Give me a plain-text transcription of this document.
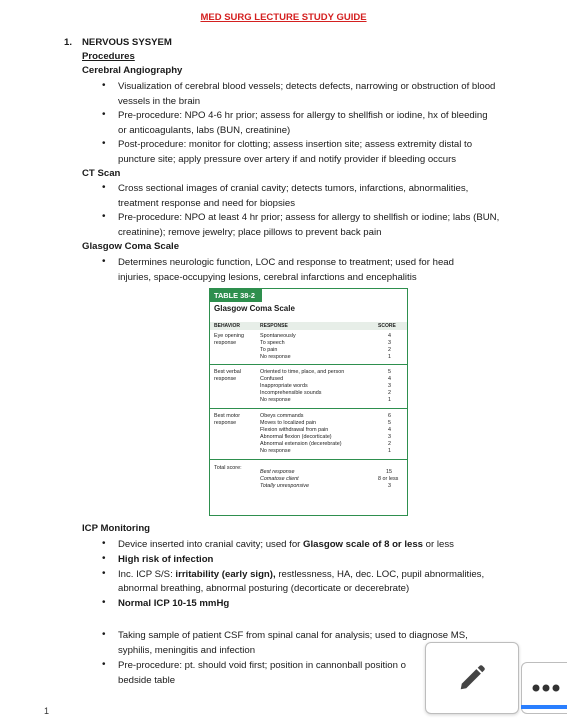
MED SURG LECTURE STUDY GUIDE
1. NERVOUS SYSYEM
Procedures
Cerebral Angiography
• Visualization of cerebral blood vessels; detects defects, narrowing or obstruction of blood vessels in the brain
• Pre-procedure: NPO 4-6 hr prior; assess for allergy to shellfish or iodine, hx of bleeding or anticoagulants, labs (BUN, creatinine)
• Post-procedure: monitor for clotting; assess insertion site; assess extremity distal to puncture site; apply pressure over artery if and notify provider if bleeding occurs
CT Scan
• Cross sectional images of cranial cavity; detects tumors, infarctions, abnormalities, treatment response and need for biopsies
• Pre-procedure: NPO at least 4 hr prior; assess for allergy to shellfish or iodine; labs (BUN, creatinine); remove jewelry; place pillows to prevent back pain
Glasgow Coma Scale
• Determines neurologic function, LOC and response to treatment; used for head injuries, space-occupying lesions, cerebral infarctions and encephalitis
TABLE 38-2
Glasgow Coma Scale
BEHAVIOR	RESPONSE	SCORE
Eye opening
response
Spontaneously
To speech
To pain
No response
4
3
2
1
Best verbal
response
Oriented to time, place, and person
Confused
Inappropriate words
Incomprehensible sounds
No response
5
4
3
2
1
Best motor
response
Obeys commands
Moves to localized pain
Flexion withdrawal from pain
Abnormal flexion (decorticate)
Abnormal extension (decerebrate)
No response
6
5
4
3
2
1
Total score:
Best response
Comatose client
Totally unresponsive
15
8 or less
3
ICP Monitoring
• Device inserted into cranial cavity; used for Glasgow scale of 8 or less or less
• High risk of infection
• Inc. ICP S/S: irritability (early sign), restlessness, HA, dec. LOC, pupil abnormalities,
abnormal breathing, abnormal posturing (decorticate or decerebrate)
• Normal ICP 10-15 mmHg
• Taking sample of patient CSF from spinal canal for analysis; used to diagnose MS,
syphilis, meningitis and infection
• Pre-procedure: pt. should void first; position in cannonball position o
bedside table
1
